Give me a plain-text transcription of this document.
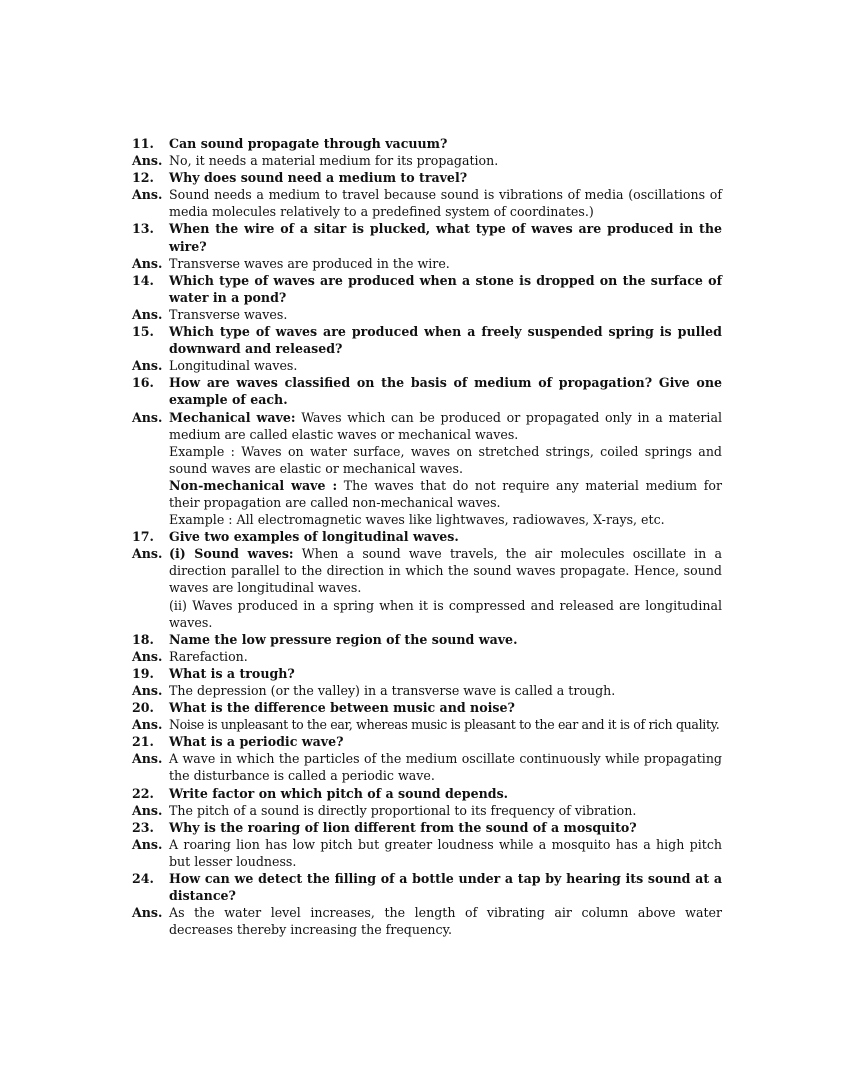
11.	Can sound propagate through vacuum?
Ans. No, it needs a material medium for its propagation.
12.	Why does sound need a medium to travel?
Ans. Sound needs a medium to travel because sound is vibrations of media (oscillations of media molecules relatively to a predefined system of coordinates.)
13.	When the wire of a sitar is plucked, what type of waves are produced in the wire?
Ans. Transverse waves are produced in the wire.
14.	Which type of waves are produced when a stone is dropped on the surface of water in a pond?
Ans. Transverse waves.
15.	Which type of waves are produced when a freely suspended spring is pulled downward and released?
Ans. Longitudinal waves.
16.	How are waves classified on the basis of medium of propagation? Give one example of each.
Ans. Mechanical wave: Waves which can be produced or propagated only in a material medium are called elastic waves or mechanical waves.
Example : Waves on water surface, waves on stretched strings, coiled springs and sound waves are elastic or mechanical waves.
Non-mechanical wave : The waves that do not require any material medium for their propagation are called non-mechanical waves.
Example : All electromagnetic waves like lightwaves, radiowaves, X-rays, etc.
17.	Give two examples of longitudinal waves.
Ans. (i) Sound waves: When a sound wave travels, the air molecules oscillate in a direction parallel to the direction in which the sound waves propagate. Hence, sound waves are longitudinal waves.
(ii) Waves produced in a spring when it is compressed and released are longitudinal waves.
18.	Name the low pressure region of the sound wave.
Ans. Rarefaction.
19.	What is a trough?
Ans. The depression (or the valley) in a transverse wave is called a trough.
20.	What is the difference between music and noise?
Ans. Noise is unpleasant to the ear, whereas music is pleasant to the ear and it is of rich quality.
21.	What is a periodic wave?
Ans. A wave in which the particles of the medium oscillate continuously while propagating the disturbance is called a periodic wave.
22.	Write factor on which pitch of a sound depends.
Ans. The pitch of a sound is directly proportional to its frequency of vibration.
23.	Why is the roaring of lion different from the sound of a mosquito?
Ans. A roaring lion has low pitch but greater loudness while a mosquito has a high pitch but lesser loudness.
24.	How can we detect the filling of a bottle under a tap by hearing its sound at a distance?
Ans. As the water level increases, the length of vibrating air column above water decreases thereby increasing the frequency.
